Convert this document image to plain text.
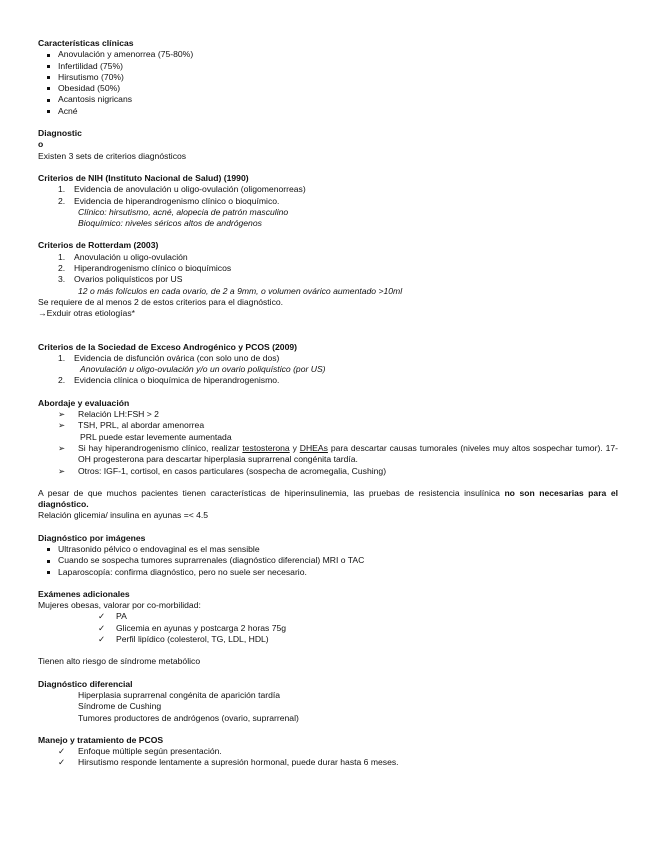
Características clínicas
Anovulación y amenorrea (75-80%)
Infertilidad (75%)
Hirsutismo (70%)
Obesidad (50%)
Acantosis nigricans
Acné
Diagnostic
o
Existen 3 sets de criterios diagnósticos
Criterios de NIH (Instituto Nacional de Salud) (1990)
1.	Evidencia de anovulación u oligo-ovulación (oligomenorreas)
2.	Evidencia de hiperandrogenismo clínico o bioquímico.
Clínico: hirsutismo, acné, alopecia de patrón masculino
Bioquímico: niveles séricos altos de andrógenos
Criterios de Rotterdam (2003)
1.	Anovulación u oligo-ovulación
2.	Hiperandrogenismo clínico o bioquímicos
3.	Ovarios poliquísticos por US
12 o más folículos en cada ovario, de 2 a 9mm, o volumen ovárico aumentado >10ml
Se requiere de al menos 2 de estos criterios para el diagnóstico.
→Exduir otras etiologías*
Criterios de la Sociedad de Exceso Androgénico y PCOS (2009)
1.	Evidencia de disfunción ovárica (con solo uno de dos)
Anovulación u oligo-ovulación y/o un ovario poliquístico (por US)
2.	Evidencia clínica o bioquímica de hiperandrogenismo.
Abordaje y evaluación
➢ Relación LH:FSH > 2
➢ TSH, PRL, al abordar amenorrea
PRL puede estar levemente aumentada
➢ Si hay hiperandrogenismo clínico, realizar testosterona y DHEAs para descartar causas tumorales (niveles muy altos sospechar tumor). 17-OH progesterona para descartar hiperplasia suprarrenal congénita tardía.
➢ Otros: IGF-1, cortisol, en casos particulares (sospecha de acromegalia, Cushing)
A pesar de que muchos pacientes tienen características de hiperinsulinemia, las pruebas de resistencia insulínica no son necesarias para el diagnóstico.
Relación glicemia/ insulina en ayunas =< 4.5
Diagnóstico por imágenes
Ultrasonido pélvico o endovaginal es el mas sensible
Cuando se sospecha tumores suprarrenales (diagnóstico diferencial) MRI o TAC
Laparoscopía: confirma diagnóstico, pero no suele ser necesario.
Exámenes adicionales
Mujeres obesas, valorar por co-morbilidad:
✓ PA
✓ Glicemia en ayunas y postcarga 2 horas 75g
✓ Perfil lipídico (colesterol, TG, LDL, HDL)
Tienen alto riesgo de síndrome metabólico
Diagnóstico diferencial
Hiperplasia suprarrenal congénita de aparición tardía
Síndrome de Cushing
Tumores productores de andrógenos (ovario, suprarrenal)
Manejo y tratamiento de PCOS
✓ Enfoque múltiple según presentación.
✓ Hirsutismo responde lentamente a supresión hormonal, puede durar hasta 6 meses.
